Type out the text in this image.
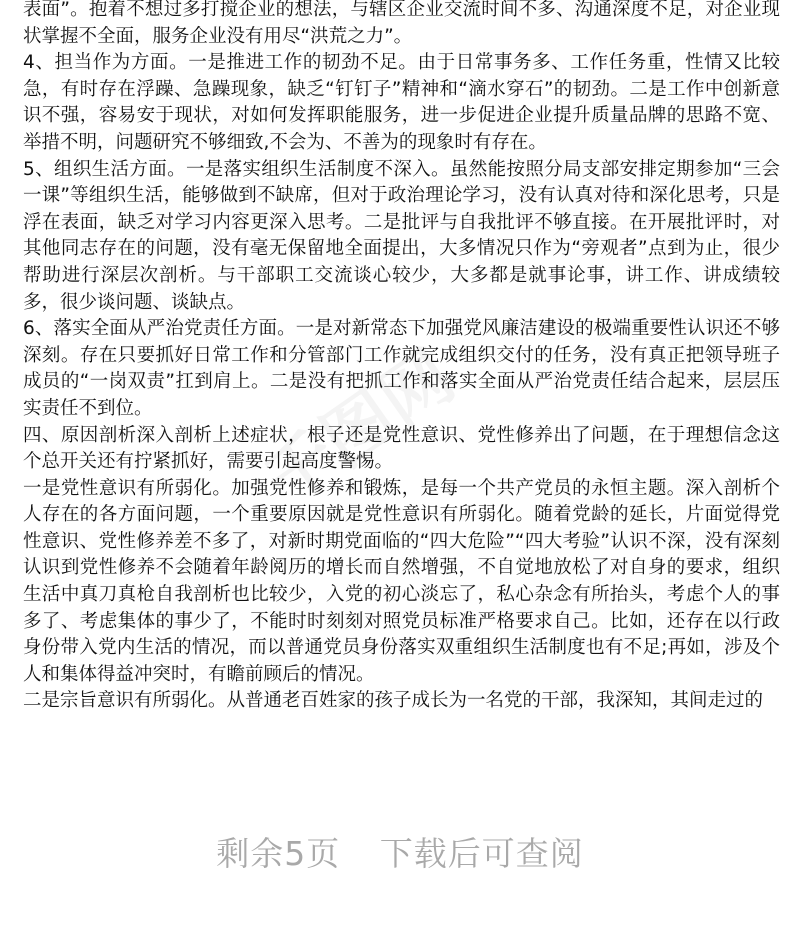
表面”。抱着不想过多打搅企业的想法，与辖区企业交流时间不多、沟通深度不足，对企业现状掌握不全面，服务企业没有用尽“洪荒之力”。

4、担当作为方面。一是推进工作的韧劲不足。由于日常事务多、工作任务重，性情又比较急，有时存在浮躁、急躁现象，缺乏“钉钉子”精神和“滴水穿石”的韧劲。二是工作中创新意识不强，容易安于现状，对如何发挥职能服务，进一步促进企业提升质量品牌的思路不宽、举措不明，问题研究不够细致,不会为、不善为的现象时有存在。

5、组织生活方面。一是落实组织生活制度不深入。虽然能按照分局支部安排定期参加“三会一课”等组织生活，能够做到不缺席，但对于政治理论学习，没有认真对待和深化思考，只是浮在表面，缺乏对学习内容更深入思考。二是批评与自我批评不够直接。在开展批评时，对其他同志存在的问题，没有毫无保留地全面提出，大多情况只作为“旁观者”点到为止，很少帮助进行深层次剖析。与干部职工交流谈心较少，大多都是就事论事，讲工作、讲成绩较多，很少谈问题、谈缺点。

6、落实全面从严治党责任方面。一是对新常态下加强党风廉洁建设的极端重要性认识还不够深刻。存在只要抓好日常工作和分管部门工作就完成组织交付的任务，没有真正把领导班子成员的“一岗双责”扛到肩上。二是没有把抓工作和落实全面从严治党责任结合起来，层层压实责任不到位。

四、原因剖析深入剖析上述症状，根子还是党性意识、党性修养出了问题，在于理想信念这个总开关还有拧紧抓好，需要引起高度警惕。

一是党性意识有所弱化。加强党性修养和锻炼，是每一个共产党员的永恒主题。深入剖析个人存在的各方面问题，一个重要原因就是党性意识有所弱化。随着党龄的延长，片面觉得党性意识、党性修养差不多了，对新时期党面临的“四大危险”“四大考验”认识不深，没有深刻认识到党性修养不会随着年龄阅历的增长而自然增强，不自觉地放松了对自身的要求，组织生活中真刀真枪自我剖析也比较少，入党的初心淡忘了，私心杂念有所抬头，考虑个人的事多了、考虑集体的事少了，不能时时刻刻对照党员标准严格要求自己。比如，还存在以行政身份带入党内生活的情况，而以普通党员身份落实双重组织生活制度也有不足;再如，涉及个人和集体得益冲突时，有瞻前顾后的情况。

二是宗旨意识有所弱化。从普通老百姓家的孩子成长为一名党的干部，我深知，其间走过的

剩余5页 下载后可查阅
